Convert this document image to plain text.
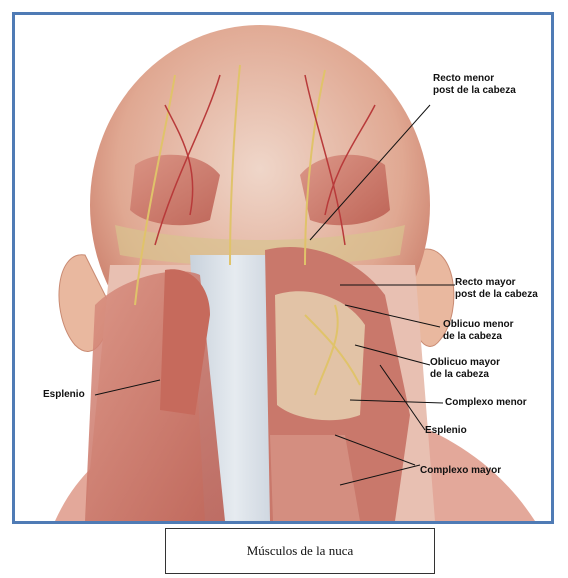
Recto menor
post de la cabeza
Recto mayor
post de la cabeza
Oblicuo menor
de la cabeza
Oblicuo mayor
de la cabeza
Complexo menor
Esplenio
Complexo mayor
Esplenio
Músculos de la nuca
